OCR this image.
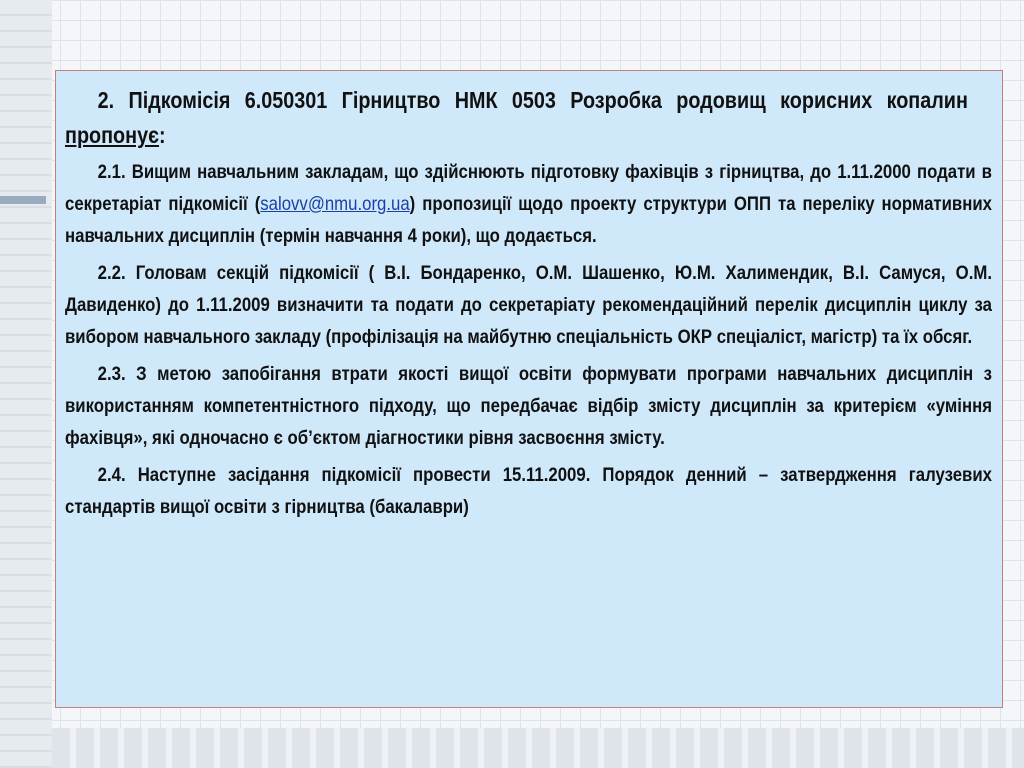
2. Підкомісія 6.050301 Гірництво НМК 0503 Розробка родовищ корисних копалинпропонує:

2.1. Вищим навчальним закладам, що здійснюють підготовку фахівців з гірництва, до 1.11.2000 подати в секретаріат підкомісії (salovv@nmu.org.ua) пропозиції щодо проекту структури ОПП та переліку нормативних навчальних дисциплін (термін навчання 4 роки), що додається.

2.2. Головам секцій підкомісії ( В.І. Бондаренко, О.М. Шашенко, Ю.М. Халимендик, В.І. Самуся, О.М. Давиденко) до 1.11.2009 визначити та подати до секретаріату рекомендаційний перелік дисциплін циклу за вибором навчального закладу (профілізація на майбутню спеціальність ОКР спеціаліст, магістр) та їх обсяг.

2.3. З метою запобігання втрати якості вищої освіти формувати програми навчальних дисциплін з використанням компетентністного підходу, що передбачає відбір змісту дисциплін за критерієм «уміння фахівця», які одночасно є об’єктом діагностики рівня засвоєння змісту.

2.4. Наступне засідання підкомісії провести 15.11.2009. Порядок денний – затвердження галузевих стандартів вищої освіти з гірництва (бакалаври)
